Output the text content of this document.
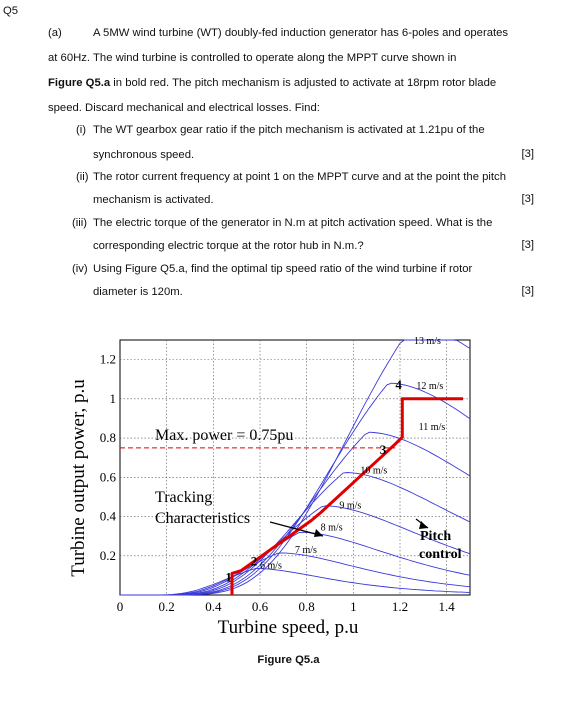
Q5
(a)	A 5MW wind turbine (WT) doubly-fed induction generator has 6-poles and operates
at 60Hz. The wind turbine is controlled to operate along the MPPT curve shown in
Figure Q5.a in bold red. The pitch mechanism is adjusted to activate at 18rpm rotor blade
speed. Discard mechanical and electrical losses. Find:
(i) The WT gearbox gear ratio if the pitch mechanism is activated at 1.21pu of the
synchronous speed.	[3]
(ii) The rotor current frequency at point 1 on the MPPT curve and at the point the pitch
mechanism is activated.	[3]
(iii) The electric torque of the generator in N.m at pitch activation speed. What is the
corresponding electric torque at the rotor hub in N.m.?	[3]
(iv) Using Figure Q5.a, find the optimal tip speed ratio of the wind turbine if rotor
diameter is 120m.	[3]
0	0.2 0.4 0.6 0.8	1	1.2 1.4
0.2
0.4
0.6
0.8
1
1.2
1
2
3
4
13 m/s
12 m/s
11 m/s
10 m/s
9 m/s
8 m/s
7 m/s
6 m/s
Max. power = 0.75pu
Tracking
Characteristics
Pitch
control
Turbine speed, p.u
Turbine output power, p.u
Figure Q5.a
